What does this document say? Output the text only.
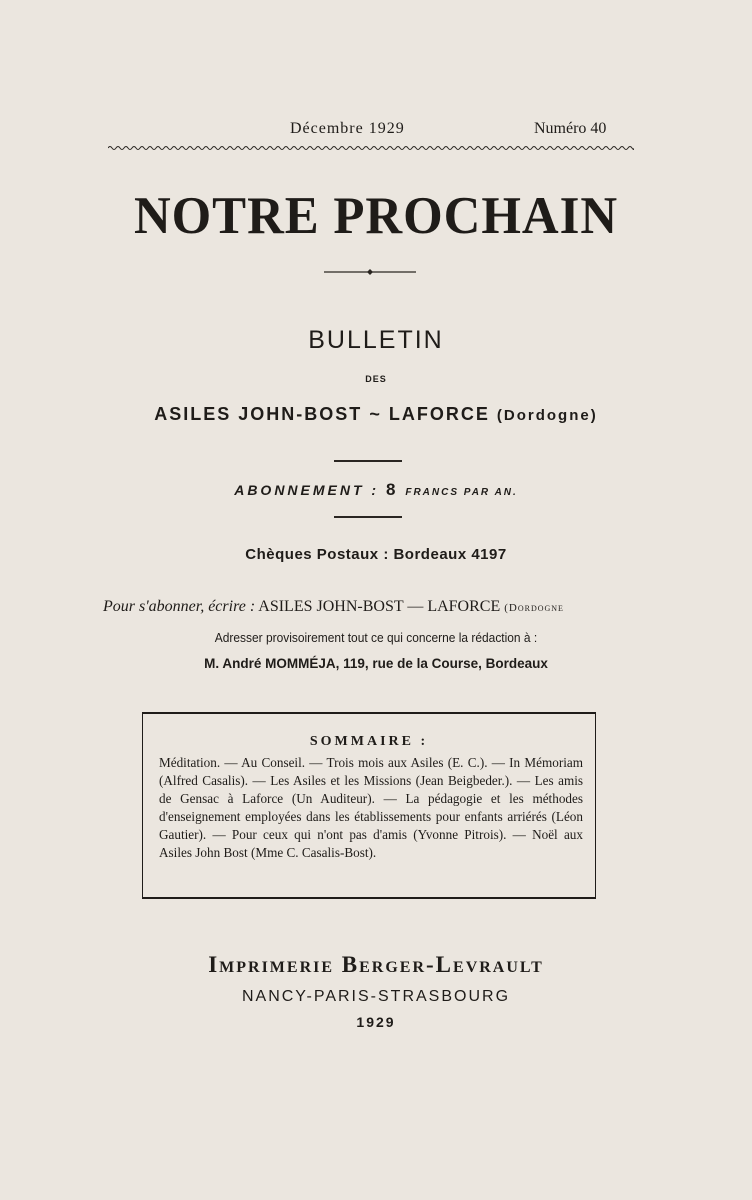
Décembre 1929	Numéro 40
NOTRE PROCHAIN
BULLETIN
DES
ASILES JOHN-BOST ~ LAFORCE (Dordogne)
ABONNEMENT : 8 FRANCS PAR AN.
Chèques Postaux : Bordeaux 4197
Pour s'abonner, écrire : ASILES JOHN-BOST — LAFORCE (Dordogne
Adresser provisoirement tout ce qui concerne la rédaction à :
M. André MOMMÉJA, 119, rue de la Course, Bordeaux
SOMMAIRE :
Méditation. — Au Conseil. — Trois mois aux Asiles (E. C.). — In Mémoriam (Alfred Casalis). — Les Asiles et les Missions (Jean Beigbeder.). — Les amis de Gensac à Laforce (Un Auditeur). — La pédagogie et les méthodes d'enseignement employées dans les établissements pour enfants arriérés (Léon Gautier). — Pour ceux qui n'ont pas d'amis (Yvonne Pitrois). — Noël aux Asiles John Bost (Mme C. Casalis-Bost).
Imprimerie Berger-Levrault
NANCY-PARIS-STRASBOURG
1929
